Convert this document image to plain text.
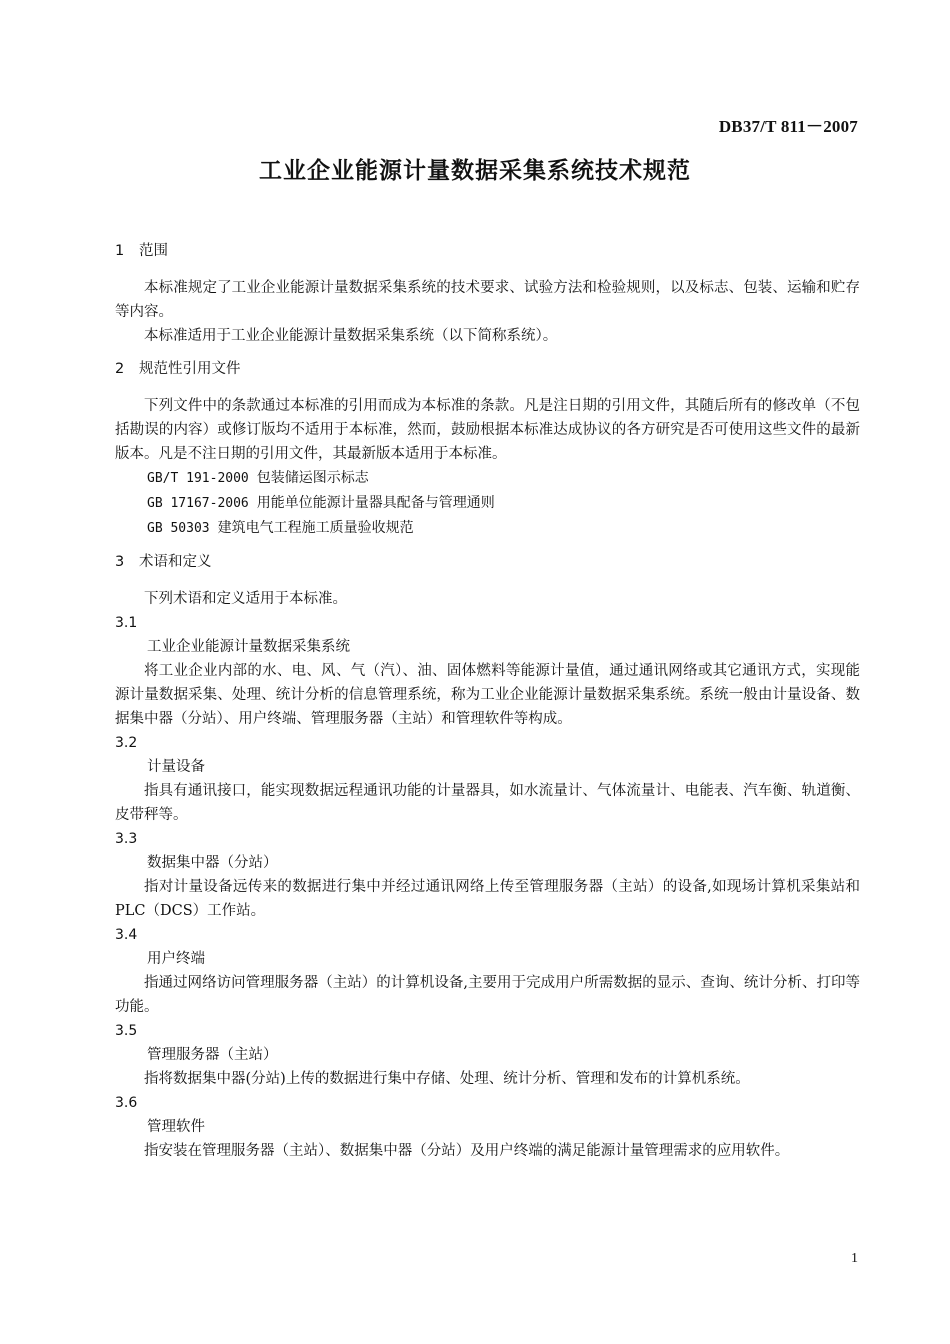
DB37/T 811－2007
工业企业能源计量数据采集系统技术规范
1 范围

本标准规定了工业企业能源计量数据采集系统的技术要求、试验方法和检验规则，以及标志、包装、运输和贮存等内容。

本标准适用于工业企业能源计量数据采集系统（以下简称系统）。

2 规范性引用文件

下列文件中的条款通过本标准的引用而成为本标准的条款。凡是注日期的引用文件，其随后所有的修改单（不包括勘误的内容）或修订版均不适用于本标准，然而，鼓励根据本标准达成协议的各方研究是否可使用这些文件的最新版本。凡是不注日期的引用文件，其最新版本适用于本标准。

GB/T 191-2000 包装储运图示标志
GB 17167-2006 用能单位能源计量器具配备与管理通则
GB 50303 建筑电气工程施工质量验收规范
3 术语和定义

下列术语和定义适用于本标准。

3.1
工业企业能源计量数据采集系统

将工业企业内部的水、电、风、气（汽）、油、固体燃料等能源计量值，通过通讯网络或其它通讯方式，实现能源计量数据采集、处理、统计分析的信息管理系统，称为工业企业能源计量数据采集系统。系统一般由计量设备、数据集中器（分站）、用户终端、管理服务器（主站）和管理软件等构成。

3.2
计量设备

指具有通讯接口，能实现数据远程通讯功能的计量器具，如水流量计、气体流量计、电能表、汽车衡、轨道衡、皮带秤等。

3.3
数据集中器（分站）

指对计量设备远传来的数据进行集中并经过通讯网络上传至管理服务器（主站）的设备,如现场计算机采集站和PLC（DCS）工作站。

3.4
用户终端

指通过网络访问管理服务器（主站）的计算机设备,主要用于完成用户所需数据的显示、查询、统计分析、打印等功能。

3.5
管理服务器（主站）

指将数据集中器(分站)上传的数据进行集中存储、处理、统计分析、管理和发布的计算机系统。

3.6
管理软件

指安装在管理服务器（主站）、数据集中器（分站）及用户终端的满足能源计量管理需求的应用软件。

1
